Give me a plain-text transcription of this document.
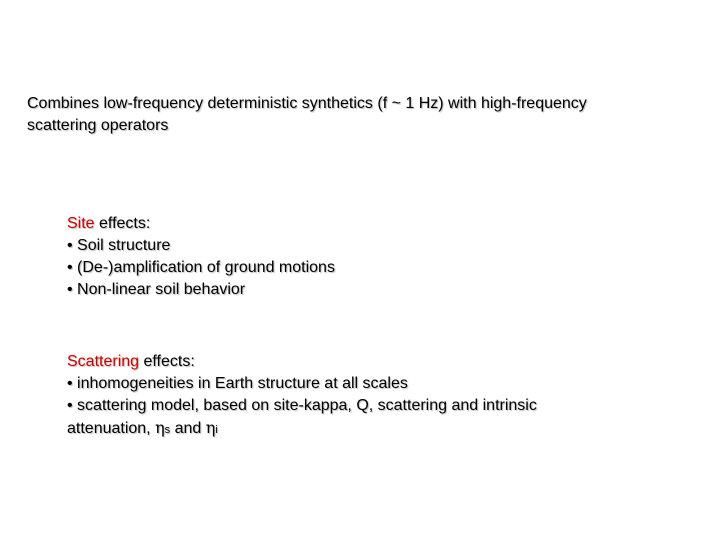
Combines low-frequency deterministic synthetics (f ~ 1 Hz) with high-frequency
scattering operators
Site effects:
• Soil structure
• (De-)amplification of ground motions
• Non-linear soil behavior
Scattering effects:
• inhomogeneities in Earth structure at all scales
• scattering model, based on site-kappa, Q, scattering and intrinsic
attenuation, ηs and ηi
